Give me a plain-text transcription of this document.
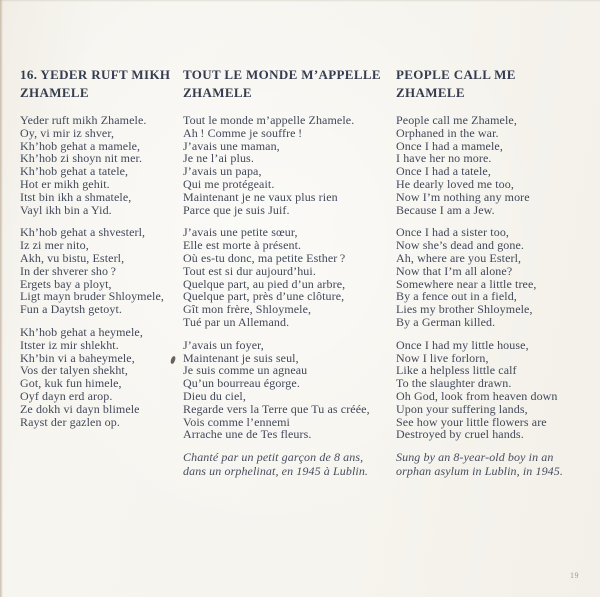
16. YEDER RUFT MIKH
ZHAMELE
Yeder ruft mikh Zhamele.
Oy, vi mir iz shver,
Kh’hob gehat a mamele,
Kh’hob zi shoyn nit mer.
Kh’hob gehat a tatele,
Hot er mikh gehit.
Itst bin ikh a shmatele,
Vayl ikh bin a Yid.
Kh’hob gehat a shvesterl,
Iz zi mer nito,
Akh, vu bistu, Esterl,
In der shverer sho ?
Ergets bay a ployt,
Ligt mayn bruder Shloymele,
Fun a Daytsh getoyt.
Kh’hob gehat a heymele,
Itster iz mir shlekht.
Kh’bin vi a baheymele,
Vos der talyen shekht,
Got, kuk fun himele,
Oyf dayn erd arop.
Ze dokh vi dayn blimele
Rayst der gazlen op.
TOUT LE MONDE M’APPELLE
ZHAMELE
Tout le monde m’appelle Zhamele.
Ah ! Comme je souffre !
J’avais une maman,
Je ne l’ai plus.
J’avais un papa,
Qui me protégeait.
Maintenant je ne vaux plus rien
Parce que je suis Juif.
J’avais une petite sœur,
Elle est morte à présent.
Où es-tu donc, ma petite Esther ?
Tout est si dur aujourd’hui.
Quelque part, au pied d’un arbre,
Quelque part, près d’une clôture,
Gît mon frère, Shloymele,
Tué par un Allemand.
J’avais un foyer,
Maintenant je suis seul,
Je suis comme un agneau
Qu’un bourreau égorge.
Dieu du ciel,
Regarde vers la Terre que Tu as créée,
Vois comme l’ennemi
Arrache une de Tes fleurs.
Chanté par un petit garçon de 8 ans,
dans un orphelinat, en 1945 à Lublin.
PEOPLE CALL ME
ZHAMELE
People call me Zhamele,
Orphaned in the war.
Once I had a mamele,
I have her no more.
Once I had a tatele,
He dearly loved me too,
Now I’m nothing any more
Because I am a Jew.
Once I had a sister too,
Now she’s dead and gone.
Ah, where are you Esterl,
Now that I’m all alone?
Somewhere near a little tree,
By a fence out in a field,
Lies my brother Shloymele,
By a German killed.
Once I had my little house,
Now I live forlorn,
Like a helpless little calf
To the slaughter drawn.
Oh God, look from heaven down
Upon your suffering lands,
See how your little flowers are
Destroyed by cruel hands.
Sung by an 8-year-old boy in an
orphan asylum in Lublin, in 1945.
19
